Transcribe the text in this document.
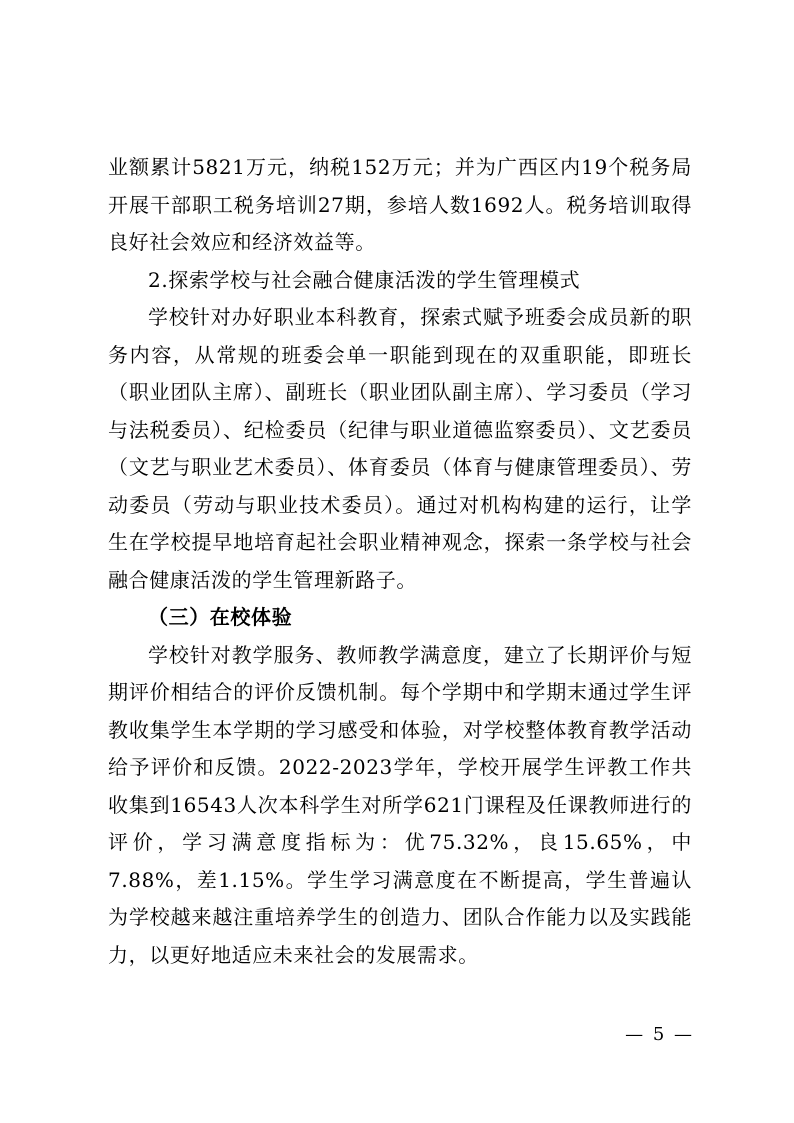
业额累计5821万元，纳税152万元；并为广西区内19个税务局开展干部职工税务培训27期，参培人数1692人。税务培训取得良好社会效应和经济效益等。

2.探索学校与社会融合健康活泼的学生管理模式

学校针对办好职业本科教育，探索式赋予班委会成员新的职务内容，从常规的班委会单一职能到现在的双重职能，即班长（职业团队主席）、副班长（职业团队副主席）、学习委员（学习与法税委员）、纪检委员（纪律与职业道德监察委员）、文艺委员（文艺与职业艺术委员）、体育委员（体育与健康管理委员）、劳动委员（劳动与职业技术委员）。通过对机构构建的运行，让学生在学校提早地培育起社会职业精神观念，探索一条学校与社会融合健康活泼的学生管理新路子。

（三）在校体验

学校针对教学服务、教师教学满意度，建立了长期评价与短期评价相结合的评价反馈机制。每个学期中和学期末通过学生评教收集学生本学期的学习感受和体验，对学校整体教育教学活动给予评价和反馈。2022-2023学年，学校开展学生评教工作共收集到16543人次本科学生对所学621门课程及任课教师进行的评价，学习满意度指标为：优75.32%，良15.65%，中7.88%，差1.15%。学生学习满意度在不断提高，学生普遍认为学校越来越注重培养学生的创造力、团队合作能力以及实践能力，以更好地适应未来社会的发展需求。

— 5 —
